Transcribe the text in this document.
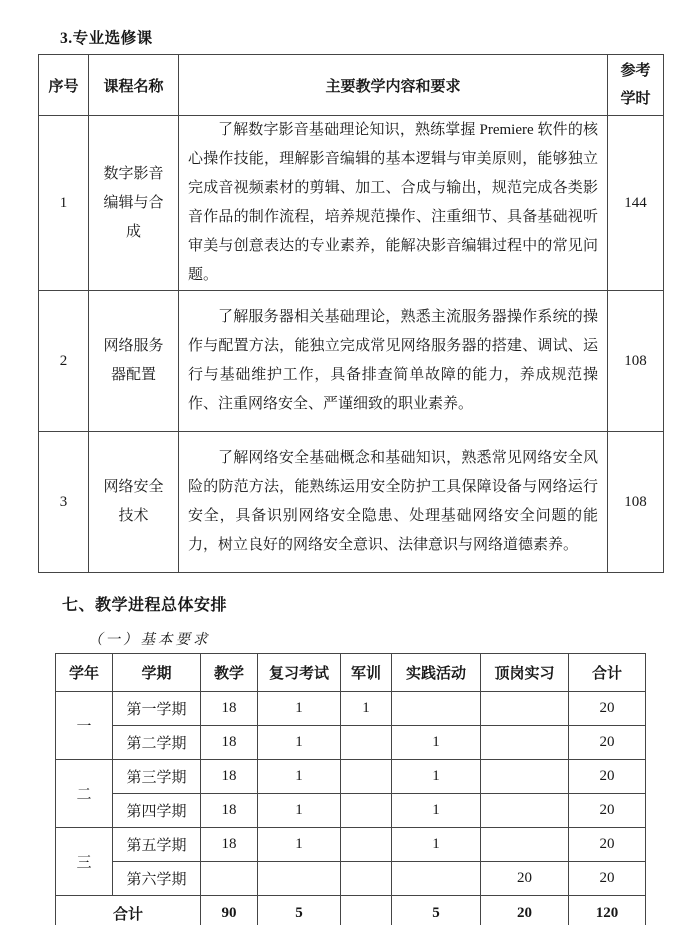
3.专业选修课
序号	课程名称	主要教学内容和要求	参考学时

1	数字影音编辑与合成	了解数字影音基础理论知识，熟练掌握 Premiere 软件的核心操作技能，理解影音编辑的基本逻辑与审美原则，能够独立完成音视频素材的剪辑、加工、合成与输出，规范完成各类影音作品的制作流程，培养规范操作、注重细节、具备基础视听审美与创意表达的专业素养，能解决影音编辑过程中的常见问题。	144
2	网络服务器配置	了解服务器相关基础理论，熟悉主流服务器操作系统的操作与配置方法，能独立完成常见网络服务器的搭建、调试、运行与基础维护工作，具备排查简单故障的能力，养成规范操作、注重网络安全、严谨细致的职业素养。	108
3	网络安全技术	了解网络安全基础概念和基础知识，熟悉常见网络安全风险的防范方法，能熟练运用安全防护工具保障设备与网络运行安全，具备识别网络安全隐患、处理基础网络安全问题的能力，树立良好的网络安全意识、法律意识与网络道德素养。	108
七、教学进程总体安排
（一）基本要求
学年	学期	教学	复习考试	军训	实践活动	顶岗实习	合计
一	第一学期	18	1	1			20
	第二学期	18	1		1		20
二	第三学期	18	1		1		20
	第四学期	18	1		1		20
三	第五学期	18	1		1		20
	第六学期					20	20
合计		90	5		5	20	120
